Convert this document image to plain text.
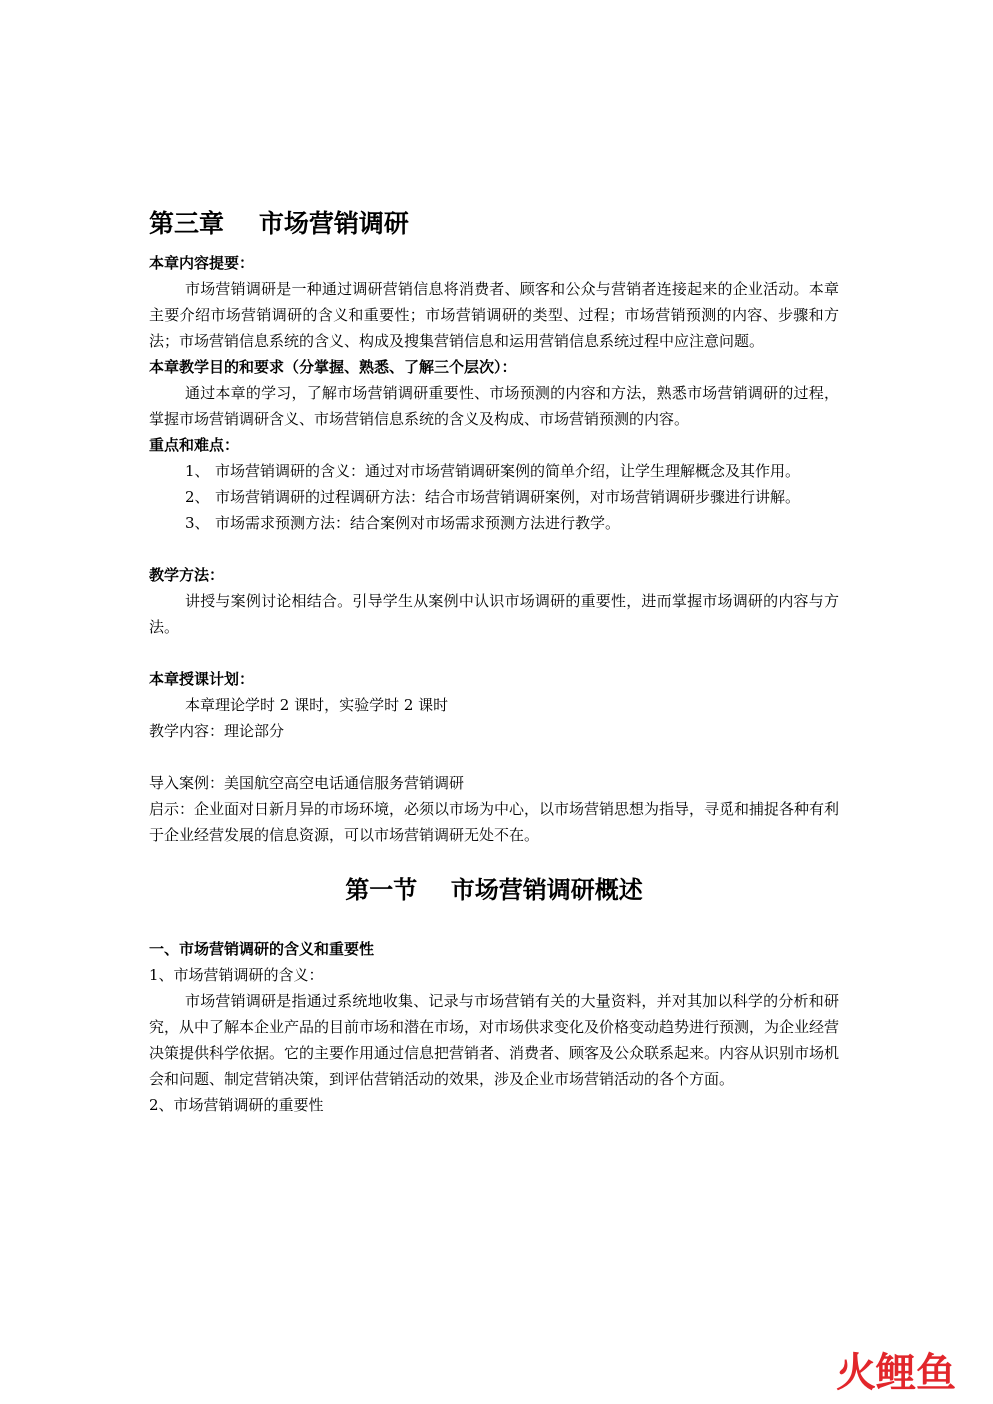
第三章    市场营销调研

本章内容提要：

市场营销调研是一种通过调研营销信息将消费者、顾客和公众与营销者连接起来的企业活动。本章主要介绍市场营销调研的含义和重要性；市场营销调研的类型、过程；市场营销预测的内容、步骤和方法；市场营销信息系统的含义、构成及搜集营销信息和运用营销信息系统过程中应注意问题。

本章教学目的和要求（分掌握、熟悉、了解三个层次）：

通过本章的学习，了解市场营销调研重要性、市场预测的内容和方法，熟悉市场营销调研的过程，掌握市场营销调研含义、市场营销信息系统的含义及构成、市场营销预测的内容。

重点和难点：

1、 市场营销调研的含义：通过对市场营销调研案例的简单介绍，让学生理解概念及其作用。
2、 市场营销调研的过程调研方法：结合市场营销调研案例，对市场营销调研步骤进行讲解。
3、 市场需求预测方法：结合案例对市场需求预测方法进行教学。

教学方法：

讲授与案例讨论相结合。引导学生从案例中认识市场调研的重要性，进而掌握市场调研的内容与方法。

本章授课计划：

本章理论学时 2 课时，实验学时 2 课时

教学内容：理论部分

导入案例：美国航空高空电话通信服务营销调研

启示：企业面对日新月异的市场环境，必须以市场为中心，以市场营销思想为指导，寻觅和捕捉各种有利于企业经营发展的信息资源，可以市场营销调研无处不在。

第一节    市场营销调研概述

一、市场营销调研的含义和重要性

1、市场营销调研的含义：

市场营销调研是指通过系统地收集、记录与市场营销有关的大量资料，并对其加以科学的分析和研究，从中了解本企业产品的目前市场和潜在市场，对市场供求变化及价格变动趋势进行预测，为企业经营决策提供科学依据。它的主要作用通过信息把营销者、消费者、顾客及公众联系起来。内容从识别市场机会和问题、制定营销决策，到评估营销活动的效果，涉及企业市场营销活动的各个方面。

2、市场营销调研的重要性

火鲤鱼
